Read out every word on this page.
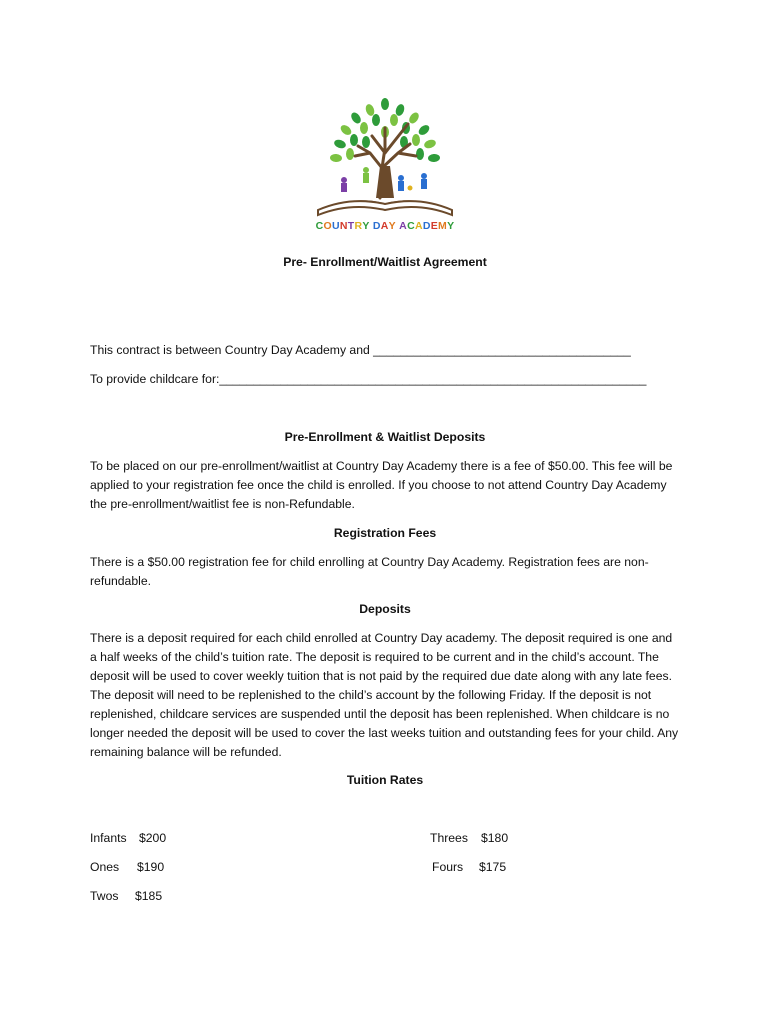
COUNTRY DAY ACADEMY
Pre- Enrollment/Waitlist Agreement
This contract is between Country Day Academy and ______________________________________
To provide childcare for:_______________________________________________________________
Pre-Enrollment & Waitlist Deposits
To be placed on our pre-enrollment/waitlist at Country Day Academy there is a fee of $50.00. This fee will be applied to your registration fee once the child is enrolled. If you choose to not attend Country Day Academy the pre-enrollment/waitlist fee is non-Refundable.
Registration Fees
There is a $50.00 registration fee for child enrolling at Country Day Academy. Registration fees are non-refundable.
Deposits
There is a deposit required for each child enrolled at Country Day academy. The deposit required is one and a half weeks of the child’s tuition rate. The deposit is required to be current and in the child’s account. The deposit will be used to cover weekly tuition that is not paid by the required due date along with any late fees. The deposit will need to be replenished to the child’s account by the following Friday. If the deposit is not replenished, childcare services are suspended until the deposit has been replenished. When childcare is no longer needed the deposit will be used to cover the last weeks tuition and outstanding fees for your child. Any remaining balance will be refunded.
Tuition Rates
Infants $200
Ones $190
Twos $185
Threes $180
Fours $175
